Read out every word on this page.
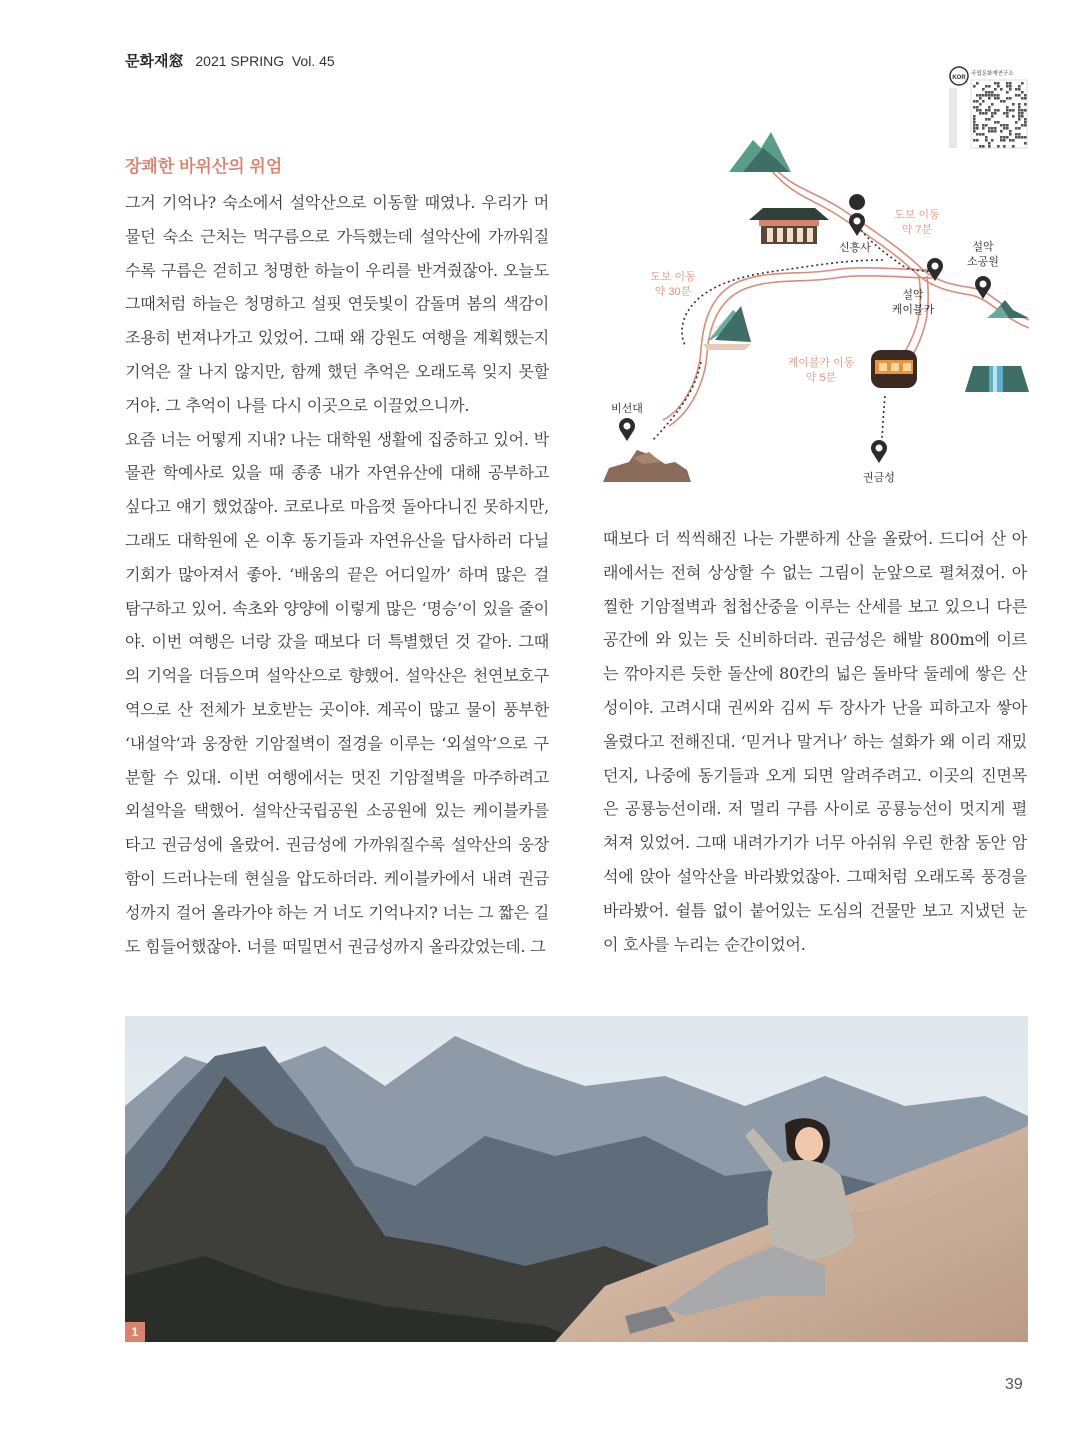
문화재窓 2021 SPRING  Vol. 45
KOR
국립문화재연구소
장쾌한 바위산의 위엄

그거 기억나? 숙소에서 설악산으로 이동할 때였나. 우리가 머물던 숙소 근처는 먹구름으로 가득했는데 설악산에 가까워질수록 구름은 걷히고 청명한 하늘이 우리를 반겨줬잖아. 오늘도 그때처럼 하늘은 청명하고 설핏 연둣빛이 감돌며 봄의 색감이 조용히 번져나가고 있었어. 그때 왜 강원도 여행을 계획했는지 기억은 잘 나지 않지만, 함께 했던 추억은 오래도록 잊지 못할 거야. 그 추억이 나를 다시 이곳으로 이끌었으니까.

요즘 너는 어떻게 지내? 나는 대학원 생활에 집중하고 있어. 박물관 학예사로 있을 때 종종 내가 자연유산에 대해 공부하고 싶다고 얘기 했었잖아. 코로나로 마음껏 돌아다니진 못하지만, 그래도 대학원에 온 이후 동기들과 자연유산을 답사하러 다닐 기회가 많아져서 좋아. ‘배움의 끝은 어디일까’ 하며 많은 걸 탐구하고 있어. 속초와 양양에 이렇게 많은 ‘명승’이 있을 줄이야. 이번 여행은 너랑 갔을 때보다 더 특별했던 것 같아. 그때의 기억을 더듬으며 설악산으로 향했어. 설악산은 천연보호구역으로 산 전체가 보호받는 곳이야. 계곡이 많고 물이 풍부한 ‘내설악’과 웅장한 기암절벽이 절경을 이루는 ‘외설악’으로 구분할 수 있대. 이번 여행에서는 멋진 기암절벽을 마주하려고 외설악을 택했어. 설악산국립공원 소공원에 있는 케이블카를 타고 권금성에 올랐어. 권금성에 가까워질수록 설악산의 웅장함이 드러나는데 현실을 압도하더라. 케이블카에서 내려 권금성까지 걸어 올라가야 하는 거 너도 기억나지? 너는 그 짧은 길도 힘들어했잖아. 너를 떠밀면서 권금성까지 올라갔었는데. 그

신흥사
설악 케이블카
설악 소공원
비선대
권금성
도보 이동 약 7분
도보 이동 약 30분
케이블카 이동 약 5분

때보다 더 씩씩해진 나는 가뿐하게 산을 올랐어. 드디어 산 아래에서는 전혀 상상할 수 없는 그림이 눈앞으로 펼쳐졌어. 아찔한 기암절벽과 첩첩산중을 이루는 산세를 보고 있으니 다른 공간에 와 있는 듯 신비하더라. 권금성은 해발 800m에 이르는 깎아지른 듯한 돌산에 80칸의 넓은 돌바닥 둘레에 쌓은 산성이야. 고려시대 권씨와 김씨 두 장사가 난을 피하고자 쌓아 올렸다고 전해진대. ‘믿거나 말거나’ 하는 설화가 왜 이리 재밌던지, 나중에 동기들과 오게 되면 알려주려고. 이곳의 진면목은 공룡능선이래. 저 멀리 구름 사이로 공룡능선이 멋지게 펼쳐져 있었어. 그때 내려가기가 너무 아쉬워 우린 한참 동안 암석에 앉아 설악산을 바라봤었잖아. 그때처럼 오래도록 풍경을 바라봤어. 쉴틈 없이 붙어있는 도심의 건물만 보고 지냈던 눈이 호사를 누리는 순간이었어.

1
39
